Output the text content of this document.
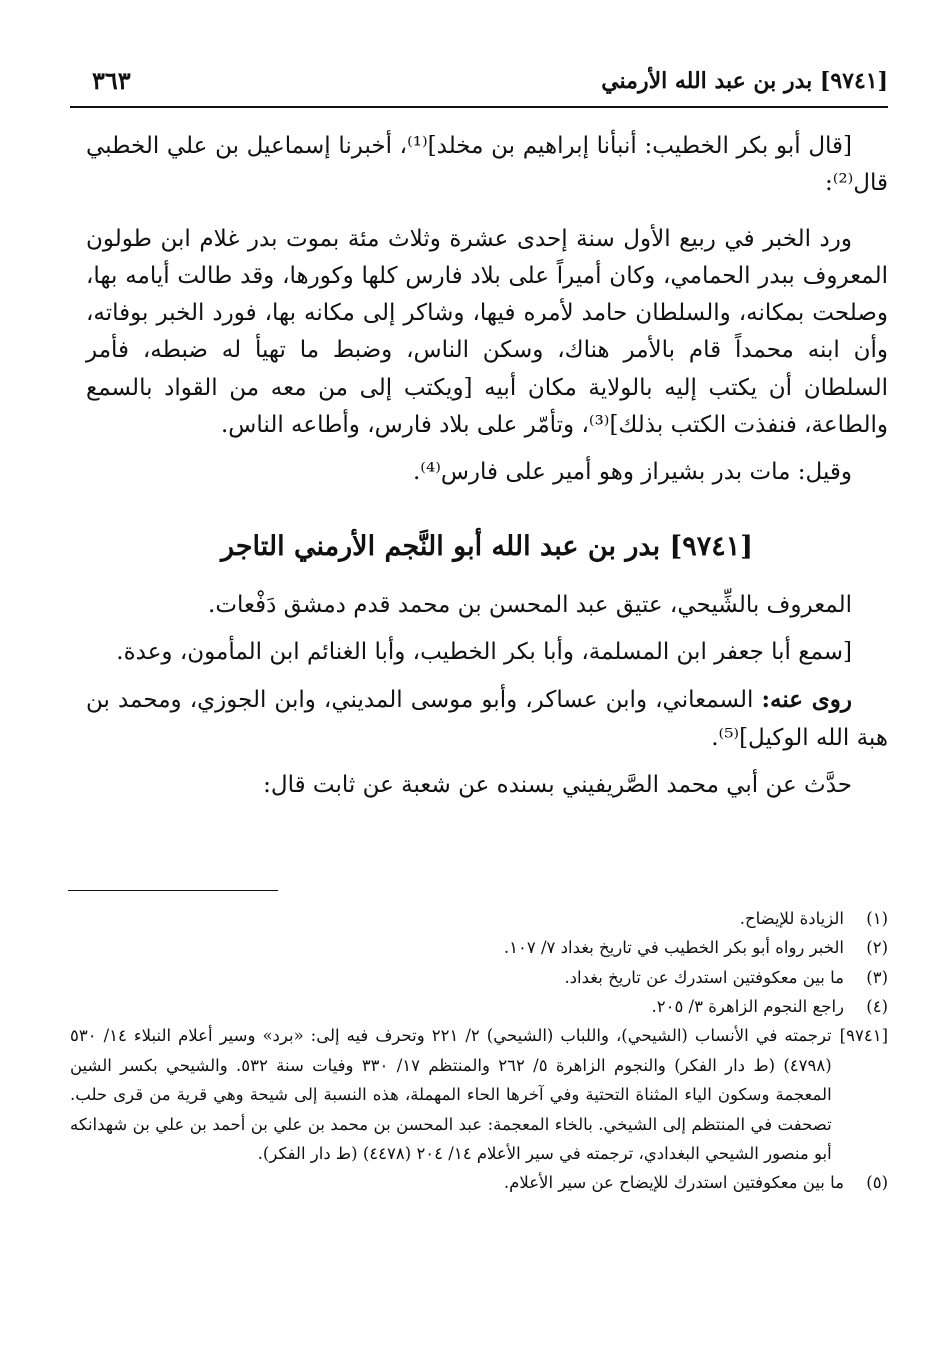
[٩٧٤١] بدر بن عبد الله الأرمني
٣٦٣

[قال أبو بكر الخطيب: أنبأنا إبراهيم بن مخلد]⁽¹⁾، أخبرنا إسماعيل بن علي الخطبي قال⁽²⁾:

ورد الخبر في ربيع الأول سنة إحدى عشرة وثلاث مئة بموت بدر غلام ابن طولون المعروف ببدر الحمامي، وكان أميراً على بلاد فارس كلها وكورها، وقد طالت أيامه بها، وصلحت بمكانه، والسلطان حامد لأمره فيها، وشاكر إلى مكانه بها، فورد الخبر بوفاته، وأن ابنه محمداً قام بالأمر هناك، وسكن الناس، وضبط ما تهيأ له ضبطه، فأمر السلطان أن يكتب إليه بالولاية مكان أبيه [ويكتب إلى من معه من القواد بالسمع والطاعة، فنفذت الكتب بذلك]⁽³⁾، وتأمّر على بلاد فارس، وأطاعه الناس.

وقيل: مات بدر بشيراز وهو أمير على فارس⁽⁴⁾.

[٩٧٤١] بدر بن عبد الله أبو النَّجم الأرمني التاجر

المعروف بالشِّيحي، عتيق عبد المحسن بن محمد قدم دمشق دَفْعات.

[سمع أبا جعفر ابن المسلمة، وأبا بكر الخطيب، وأبا الغنائم ابن المأمون، وعدة.

روى عنه: السمعاني، وابن عساكر، وأبو موسى المديني، وابن الجوزي، ومحمد بن هبة الله الوكيل]⁽⁵⁾.

حدَّث عن أبي محمد الصَّريفيني بسنده عن شعبة عن ثابت قال:

(١)
الزيادة للإيضاح.
(٢)
الخبر رواه أبو بكر الخطيب في تاريخ بغداد ٧/ ١٠٧.
(٣)
ما بين معكوفتين استدرك عن تاريخ بغداد.
(٤)
راجع النجوم الزاهرة ٣/ ٢٠٥.
[٩٧٤١]
ترجمته في الأنساب (الشيحي)، واللباب (الشيحي) ٢/ ٢٢١ وتحرف فيه إلى: «برد» وسير أعلام النبلاء ١٤/ ٥٣٠ (٤٧٩٨) (ط دار الفكر) والنجوم الزاهرة ٥/ ٢٦٢ والمنتظم ١٧/ ٣٣٠ وفيات سنة ٥٣٢. والشيحي بكسر الشين المعجمة وسكون الياء المثناة التحتية وفي آخرها الحاء المهملة، هذه النسبة إلى شيحة وهي قرية من قرى حلب. تصحفت في المنتظم إلى الشيخي. بالخاء المعجمة: عبد المحسن بن محمد بن علي بن أحمد بن علي بن شهدانكه أبو منصور الشيحي البغدادي، ترجمته في سير الأعلام ١٤/ ٢٠٤ (٤٤٧٨) (ط دار الفكر).
(٥)
ما بين معكوفتين استدرك للإيضاح عن سير الأعلام.
